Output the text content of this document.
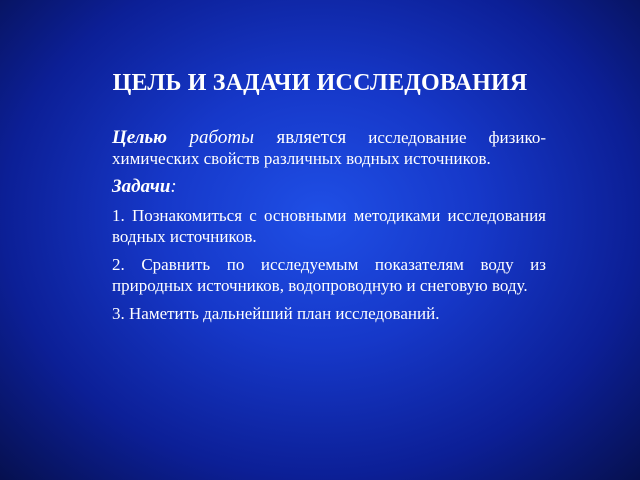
ЦЕЛЬ И ЗАДАЧИ ИССЛЕДОВАНИЯ

Целью работы является исследование физико-химических свойств различных водных источников.

Задачи:

1. Познакомиться с основными методиками исследования водных источников.

2. Сравнить по исследуемым показателям воду из природных источников, водопроводную и снеговую воду.

3. Наметить дальнейший план исследований.
